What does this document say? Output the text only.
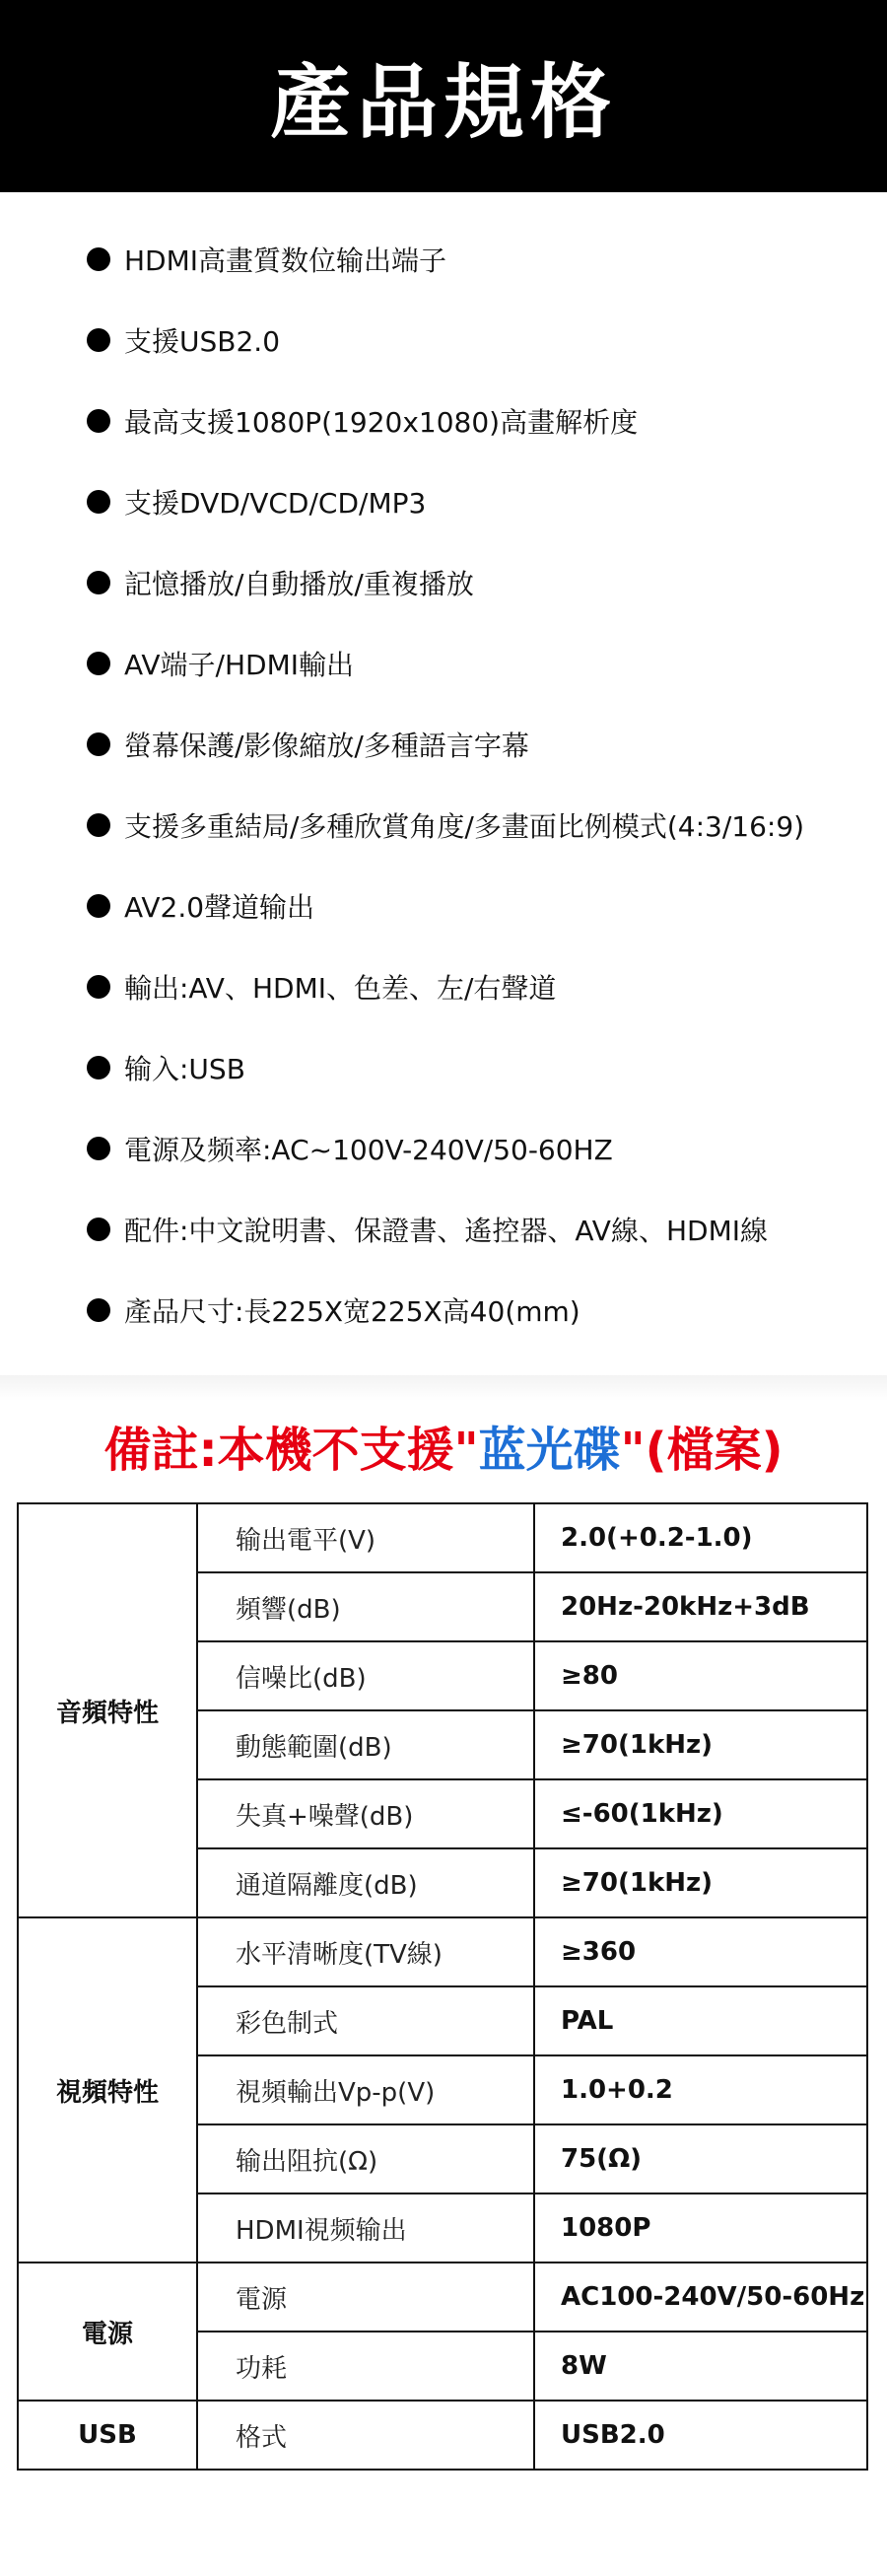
產品規格
HDMI高畫質数位输出端子
支援USB2.0
最高支援1080P(1920x1080)高畫解析度
支援DVD/VCD/CD/MP3
記憶播放/自動播放/重複播放
AV端子/HDMI輸出
螢幕保護/影像縮放/多種語言字幕
支援多重結局/多種欣賞角度/多畫面比例模式(4:3/16:9)
AV2.0聲道输出
輸出:AV、HDMI、色差、左/右聲道
输入:USB
電源及频率:AC~100V-240V/50-60HZ
配件:中文說明書、保證書、遙控器、AV線、HDMI線
產品尺寸:長225X宽225X高40(mm)
備註:本機不支援"蓝光碟"(檔案)
音頻特性	输出電平(V)	2.0(+0.2-1.0)
	頻響(dB)	20Hz-20kHz+3dB
	信噪比(dB)	≥80
	動態範圍(dB)	≥70(1kHz)
	失真+噪聲(dB)	≤-60(1kHz)
	通道隔離度(dB)	≥70(1kHz)
視頻特性	水平清晰度(TV線)	≥360
	彩色制式	PAL
	視頻輸出Vp-p(V)	1.0+0.2
	输出阻抗(Ω)	75(Ω)
	HDMI視频输出	1080P
電源	電源	AC100-240V/50-60Hz
	功耗	8W
USB	格式	USB2.0
